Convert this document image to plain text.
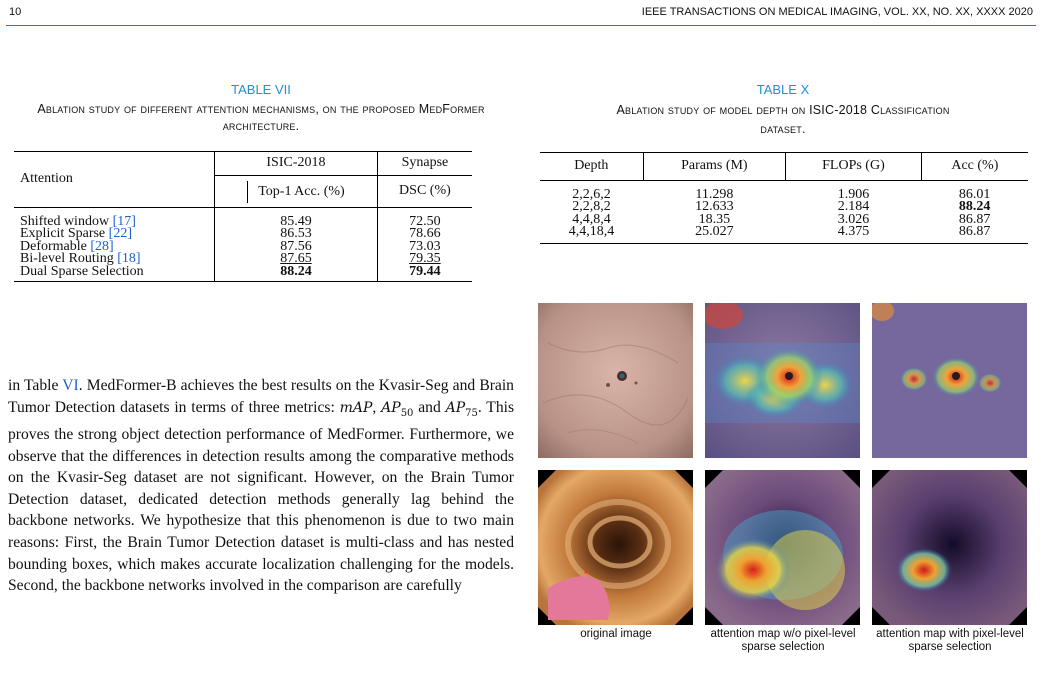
10	IEEE TRANSACTIONS ON MEDICAL IMAGING, VOL. XX, NO. XX, XXXX 2020
TABLE VII
Ablation study of different attention mechanisms, on the proposed MedFormer architecture.
Attention	ISIC-2018	Synapse
	Top-1 Acc. (%)	DSC (%)

Shifted window [17]	85.49	72.50
Explicit Sparse [22]	86.53	78.66
Deformable [28]	87.56	73.03
Bi-level Routing [18]	87.65	79.35
Dual Sparse Selection	88.24	79.44
TABLE X
Ablation study of model depth on ISIC-2018 Classification
dataset.
Depth	Params (M)	FLOPs (G)	Acc (%)

2,2,6,2	11.298	1.906	86.01
2,2,8,2	12.633	2.184	88.24
4,4,8,4	18.35	3.026	86.87
4,4,18,4	25.027	4.375	86.87

in Table VI. MedFormer-B achieves the best results on the Kvasir-Seg and Brain Tumor Detection datasets in terms of three metrics: mAP, $AP_{50}$ and $AP_{75}$. This proves the strong object detection performance of MedFormer. Furthermore, we observe that the differences in detection results among the comparative methods on the Kvasir-Seg dataset are not significant. However, on the Brain Tumor Detection dataset, dedicated detection methods generally lag behind the backbone networks. We hypothesize that this phenomenon is due to two main reasons: First, the Brain Tumor Detection dataset is multi-class and has nested bounding boxes, which makes accurate localization challenging for the models. Second, the backbone networks involved in the comparison are carefully

original image	attention map w/o pixel-level sparse selection
attention map with pixel-level sparse selection
